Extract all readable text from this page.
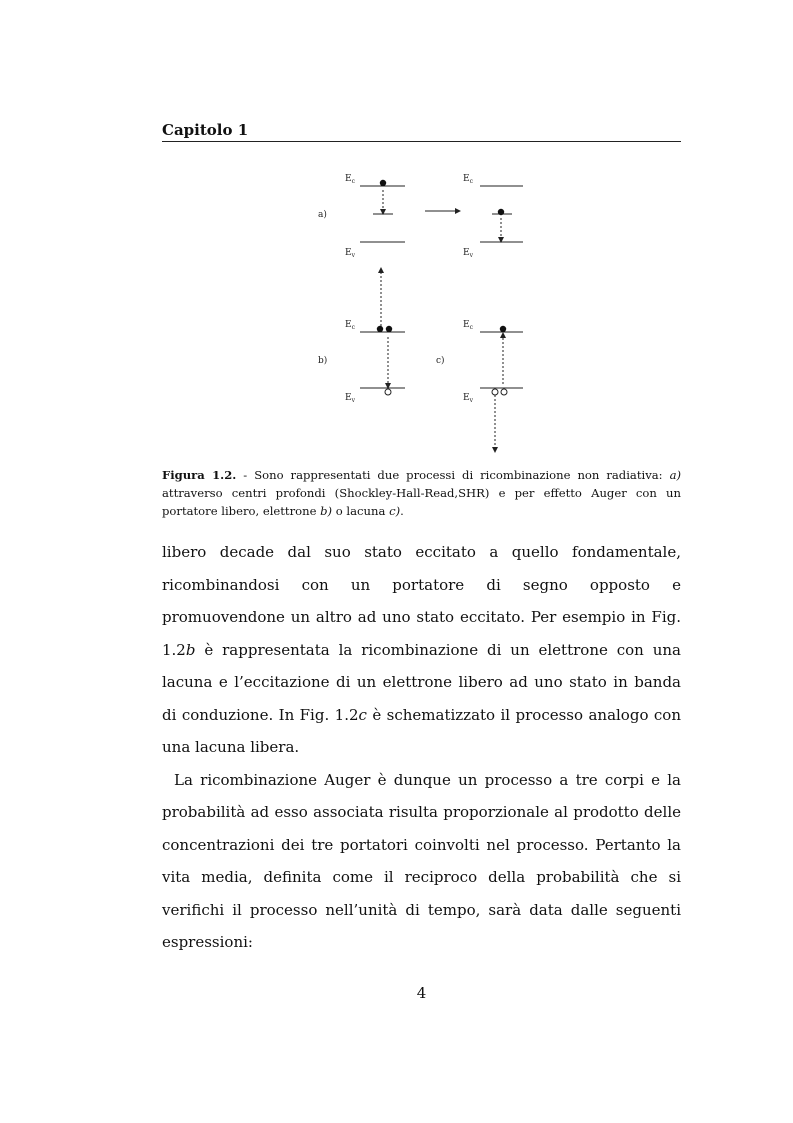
Capitolo 1
$E_c$
$E_v$
$E_c$
$E_v$
$E_c$
$E_v$
$E_c$
$E_v$
a)
b)	c)
Figura 1.2. - Sono rappresentati due processi di ricombinazione non radiativa: a) attraverso centri profondi (Shockley-Hall-Read,SHR) e per effetto Auger con un portatore libero, elettrone b) o lacuna c).

libero decade dal suo stato eccitato a quello fondamentale, ricombinandosi con un portatore di segno opposto e promuovendone un altro ad uno stato eccitato. Per esempio in Fig. 1.2b è rappresentata la ricombinazione di un elettrone con una lacuna e l’eccitazione di un elettrone libero ad uno stato in banda di conduzione. In Fig. 1.2c è schematizzato il processo analogo con una lacuna libera.

La ricombinazione Auger è dunque un processo a tre corpi e la probabilità ad esso associata risulta proporzionale al prodotto delle concentrazioni dei tre portatori coinvolti nel processo. Pertanto la vita media, definita come il reciproco della probabilità che si verifichi il processo nell’unità di tempo, sarà data dalle seguenti espressioni:

4
